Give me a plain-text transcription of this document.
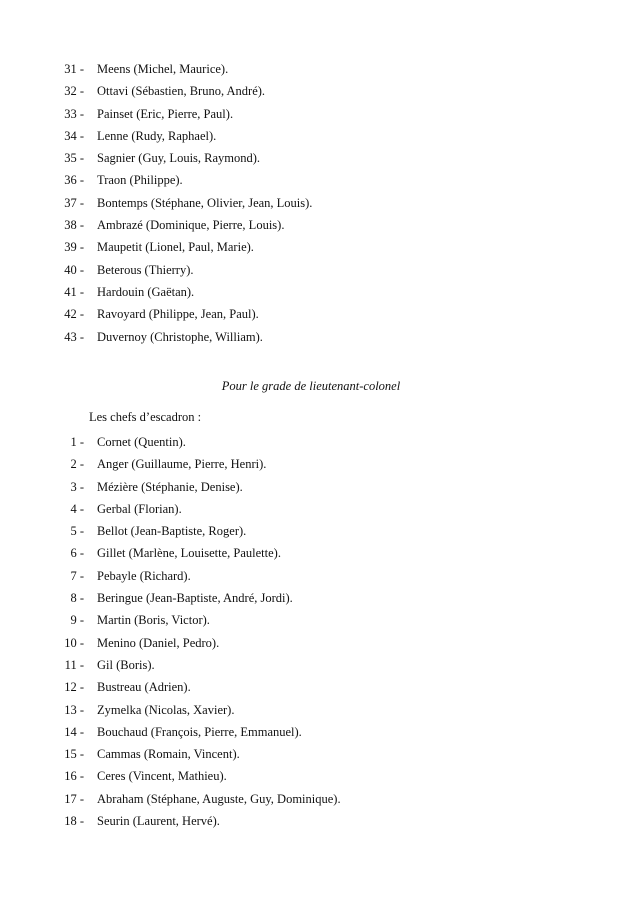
31 - Meens (Michel, Maurice).
32 - Ottavi (Sébastien, Bruno, André).
33 - Painset (Eric, Pierre, Paul).
34 - Lenne (Rudy, Raphael).
35 - Sagnier (Guy, Louis, Raymond).
36 - Traon (Philippe).
37 - Bontemps (Stéphane, Olivier, Jean, Louis).
38 - Ambrazé (Dominique, Pierre, Louis).
39 - Maupetit (Lionel, Paul, Marie).
40 - Beterous (Thierry).
41 - Hardouin (Gaëtan).
42 - Ravoyard (Philippe, Jean, Paul).
43 - Duvernoy (Christophe, William).
Pour le grade de lieutenant-colonel
Les chefs d’escadron :
1 - Cornet (Quentin).
2 - Anger (Guillaume, Pierre, Henri).
3 - Mézière (Stéphanie, Denise).
4 - Gerbal (Florian).
5 - Bellot (Jean-Baptiste, Roger).
6 - Gillet (Marlène, Louisette, Paulette).
7 - Pebayle (Richard).
8 - Beringue (Jean-Baptiste, André, Jordi).
9 - Martin (Boris, Victor).
10 - Menino (Daniel, Pedro).
11 - Gil (Boris).
12 - Bustreau (Adrien).
13 - Zymelka (Nicolas, Xavier).
14 - Bouchaud (François, Pierre, Emmanuel).
15 - Cammas (Romain, Vincent).
16 - Ceres (Vincent, Mathieu).
17 - Abraham (Stéphane, Auguste, Guy, Dominique).
18 - Seurin (Laurent, Hervé).
